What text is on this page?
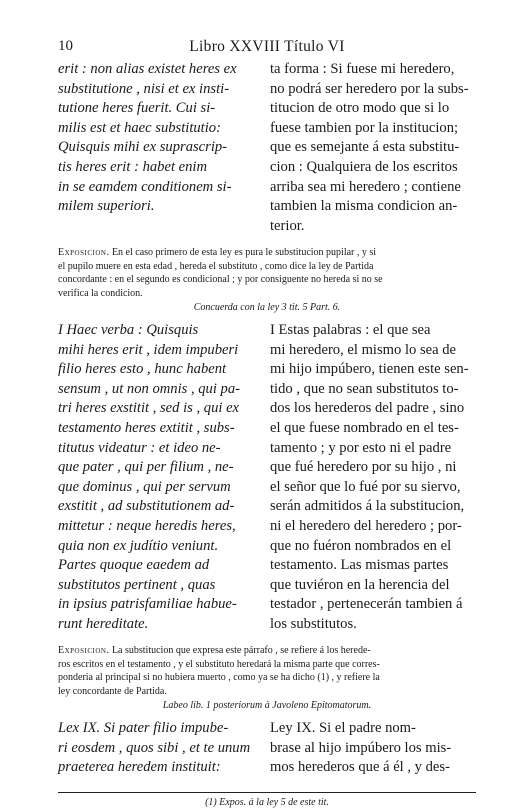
10	Libro XXVIII Título VI
erit : non alias existet heres ex
substitutione , nisi et ex insti-
tutione heres fuerit. Cui si-
milis est et haec substitutio:
Quisquis mihi ex suprascrip-
tis heres erit : habet enim
in se eamdem conditionem si-
milem superiori.
ta forma : Si fuese mi heredero,
no podrá ser heredero por la subs-
titucion de otro modo que si lo
fuese tambien por la institucion;
que es semejante á esta substitu-
cion : Qualquiera de los escritos
arriba sea mi heredero ; contiene
tambien la misma condicion an-
terior.
Exposicion. En el caso primero de esta ley es pura le substitucion pupilar , y si
el pupilo muere en esta edad , hereda el substituto , como dice la ley de Partida
concordante : en el segundo es condicional ; y por consiguente no hereda si no se
verifica la condicion.
Concuerda con la ley 3 tit. 5 Part. 6.
I Haec verba : Quisquis
mihi heres erit , idem impuberi
filio heres esto , hunc habent
sensum , ut non omnis , qui pa-
tri heres exstitit , sed is , qui ex
testamento heres extitit , subs-
titutus videatur : et ideo ne-
que pater , qui per filium , ne-
que dominus , qui per servum
exstitit , ad substitutionem ad-
mittetur : neque heredis heres,
quia non ex judítio veniunt.
Partes quoque eaedem ad
substitutos pertinent , quas
in ipsius patrisfamiliae habue-
runt hereditate.
I Estas palabras : el que sea
mi heredero, el mismo lo sea de
mi hijo impúbero, tienen este sen-
tido , que no sean substitutos to-
dos los herederos del padre , sino
el que fuese nombrado en el tes-
tamento ; y por esto ni el padre
que fué heredero por su hijo , ni
el señor que lo fué por su siervo,
serán admitidos á la substitucion,
ni el heredero del heredero ; por-
que no fuéron nombrados en el
testamento. Las mismas partes
que tuviéron en la herencia del
testador , pertenecerán tambien á
los substitutos.
Exposicion. La substitucion que expresa este párrafo , se refiere á los herede-
ros escritos en el testamento , y el substituto heredará la misma parte que corres-
ponderia al principal si no hubiera muerto , como ya se ha dicho (1) , y refiere la
ley concordante de Partida.
Labeo lib. 1 posteriorum à Javoleno Epitomatorum.
Lex IX. Si pater filio impube-
ri eosdem , quos sibi , et te unum
praeterea heredem instituit:
Ley IX. Si el padre nom-
brase al hijo impúbero los mis-
mos herederos que á él , y des-
(1) Expos. á la ley 5 de este tit.
